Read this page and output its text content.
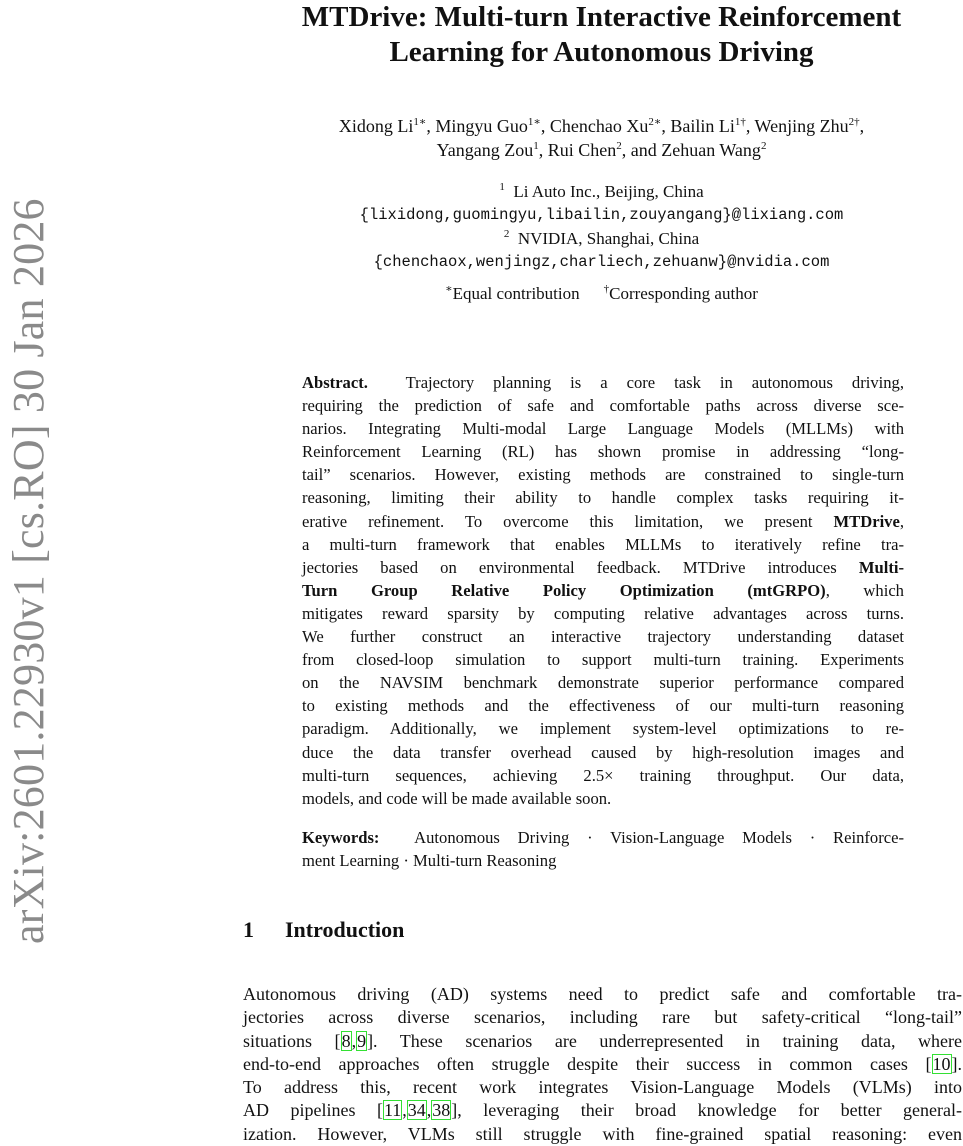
arXiv:2601.22930v1 [cs.RO] 30 Jan 2026
MTDrive: Multi-turn Interactive Reinforcement
Learning for Autonomous Driving
Xidong $Li^{1∗}$, Mingyu Guo$^{1∗}$, Chenchao $Xu^{2∗}$, Bailin $Li^{1\dagger}$, Wenjing Zhu$^{2\dagger}$,
Yangang Zou$^1$, Rui Chen$^2$, and Zehuan Wang$^2$
$^1$ Li Auto Inc., Beijing, China
{lixidong,guomingyu,libailin,zouyangang}@lixiang.com
$^2$ NVIDIA, Shanghai, China
{chenchaox,wenjingz,charliech,zehuanw}@nvidia.com
∗Equal contribution †Corresponding author
Abstract. Trajectory planning is a core task in autonomous driving,
requiring the prediction of safe and comfortable paths across diverse sce-
narios. Integrating Multi-modal Large Language Models (MLLMs) with
Reinforcement Learning (RL) has shown promise in addressing “long-
tail” scenarios. However, existing methods are constrained to single-turn
reasoning, limiting their ability to handle complex tasks requiring it-
erative refinement. To overcome this limitation, we present MTDrive,
a multi-turn framework that enables MLLMs to iteratively refine tra-
jectories based on environmental feedback. MTDrive introduces Multi-
Turn Group Relative Policy Optimization (mtGRPO), which
mitigates reward sparsity by computing relative advantages across turns.
We further construct an interactive trajectory understanding dataset
from closed-loop simulation to support multi-turn training. Experiments
on the NAVSIM benchmark demonstrate superior performance compared
to existing methods and the effectiveness of our multi-turn reasoning
paradigm. Additionally, we implement system-level optimizations to re-
duce the data transfer overhead caused by high-resolution images and
multi-turn sequences, achieving 2.5× training throughput. Our data,
models, and code will be made available soon.
Keywords: Autonomous Driving · Vision-Language Models · Reinforce-
ment Learning · Multi-turn Reasoning
1 Introduction
Autonomous driving (AD) systems need to predict safe and comfortable tra-
jectories across diverse scenarios, including rare but safety-critical “long-tail”
situations [8,9]. These scenarios are underrepresented in training data, where
end-to-end approaches often struggle despite their success in common cases [10].
To address this, recent work integrates Vision-Language Models (VLMs) into
AD pipelines [11,34,38], leveraging their broad knowledge for better general-
ization. However, VLMs still struggle with fine-grained spatial reasoning: even
